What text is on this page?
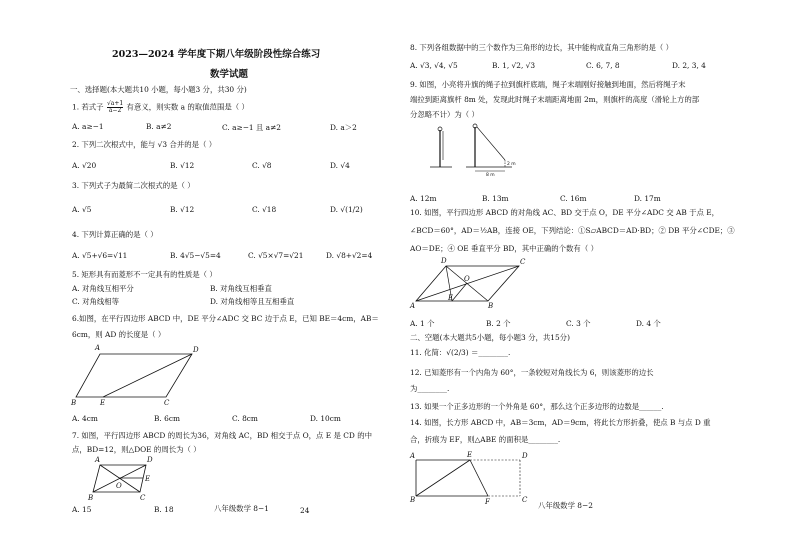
2023—2024 学年度下期八年级阶段性综合练习
数学试题
一、选择题(本大题共10 小题，每小题3 分，共30 分)
1. 若式子 $\frac{√a+1}{a-2}$ 有意义，则实数 a 的取值范围是（ ）
A. a≥−1	B. a≠2	C. a≥−1 且 a≠2	D. a＞2
2. 下列二次根式中，能与 √3 合并的是（ ）
A. √20	B. √12	C. √8	D. √4
3. 下列式子为最简二次根式的是（ ）
A. √5	B. √12	C. √18	D. √(1/2)
4. 下列计算正确的是（ ）
A. √5+√6=√11	B. 4√5−√5=4	C. √5×√7=√21	D. √8+√2=4
5. 矩形具有而菱形不一定具有的性质是（ ）
A. 对角线互相平分	B. 对角线互相垂直
C. 对角线相等	D. 对角线相等且互相垂直
6.如图，在平行四边形 ABCD 中，DE 平分∠ADC 交 BC 边于点 E，已知 BE＝4cm，AB＝
6cm，则 AD 的长度是（ ）
A	D
B	E	C
A. 4cm	B. 6cm	C. 8cm	D. 10cm
7. 如图，平行四边形 ABCD 的周长为36，对角线 AC，BD 相交于点 O，点 E 是 CD 的中
点，BD=12，则△DOE 的周长为（ ）
A	D
O
E
B	C
A. 15	B. 18	八年级数学 8−1	24
8. 下列各组数据中的三个数作为三角形的边长，其中能构成直角三角形的是（ ）
A. √3, √4, √5	B. 1, √2, √3	C. 6, 7, 8	D. 2, 3, 4
9. 如图，小亮将升旗的绳子拉到旗杆底端，绳子末端刚好接触到地面，然后将绳子末
端拉到距离旗杆 8m 处，发现此时绳子末端距离地面 2m，则旗杆的高度（滑轮上方的部
分忽略不计）为（ ）
8 m
2 m
A. 12m	B. 13m	C. 16m	D. 17m
10. 如图，平行四边形 ABCD 的对角线 AC、BD 交于点 O，DE 平分∠ADC 交 AB 于点 E，
∠BCD＝60°，AD＝½AB，连接 OE，下列结论：①S▱ABCD＝AD·BD；② DB 平分∠CDE；③
AO＝DE；④ OE 垂直平分 BD，其中正确的个数有（ ）
D	C
O
A
E
B
A. 1 个	B. 2 个	C. 3 个	D. 4 个
二、空题(本大题共5小题，每小题3 分，共15分)
11. 化简：√(2/3) ＝________.
12. 已知菱形有一个内角为 60°，一条较短对角线长为 6，则该菱形的边长
为________.
13. 如果一个正多边形的一个外角是 60°，那么这个正多边形的边数是______.
14. 如图，长方形 ABCD 中，AB＝3cm，AD＝9cm，将此长方形折叠，使点 B 与点 D 重
合，折痕为 EF，则△ABE 的面积是________.
A	E	D
B	F	C
八年级数学 8−2
